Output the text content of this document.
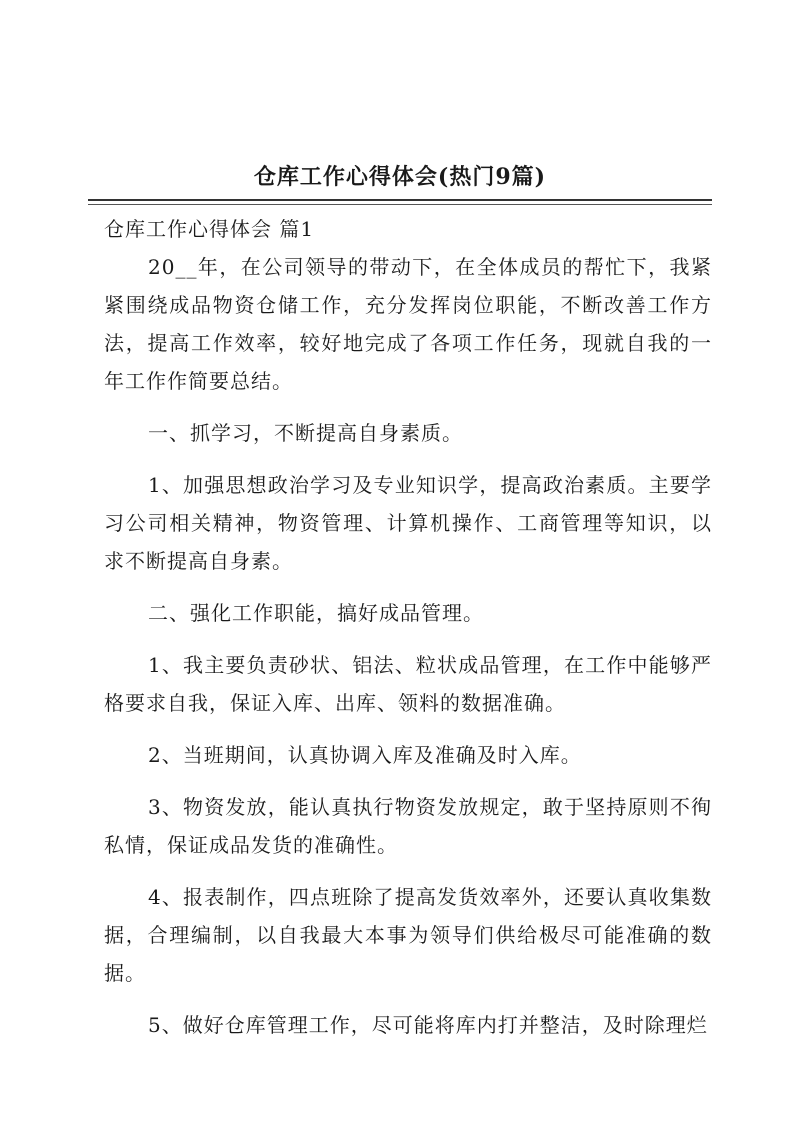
仓库工作心得体会(热门9篇)
仓库工作心得体会 篇1

20__年，在公司领导的带动下，在全体成员的帮忙下，我紧紧围绕成品物资仓储工作，充分发挥岗位职能，不断改善工作方法，提高工作效率，较好地完成了各项工作任务，现就自我的一年工作作简要总结。

一、抓学习，不断提高自身素质。

1、加强思想政治学习及专业知识学，提高政治素质。主要学习公司相关精神，物资管理、计算机操作、工商管理等知识，以求不断提高自身素。

二、强化工作职能，搞好成品管理。

1、我主要负责砂状、铝法、粒状成品管理，在工作中能够严格要求自我，保证入库、出库、领料的数据准确。

2、当班期间，认真协调入库及准确及时入库。

3、物资发放，能认真执行物资发放规定，敢于坚持原则不徇私情，保证成品发货的准确性。

4、报表制作，四点班除了提高发货效率外，还要认真收集数据，合理编制，以自我最大本事为领导们供给极尽可能准确的数据。

5、做好仓库管理工作，尽可能将库内打并整洁，及时除理烂
